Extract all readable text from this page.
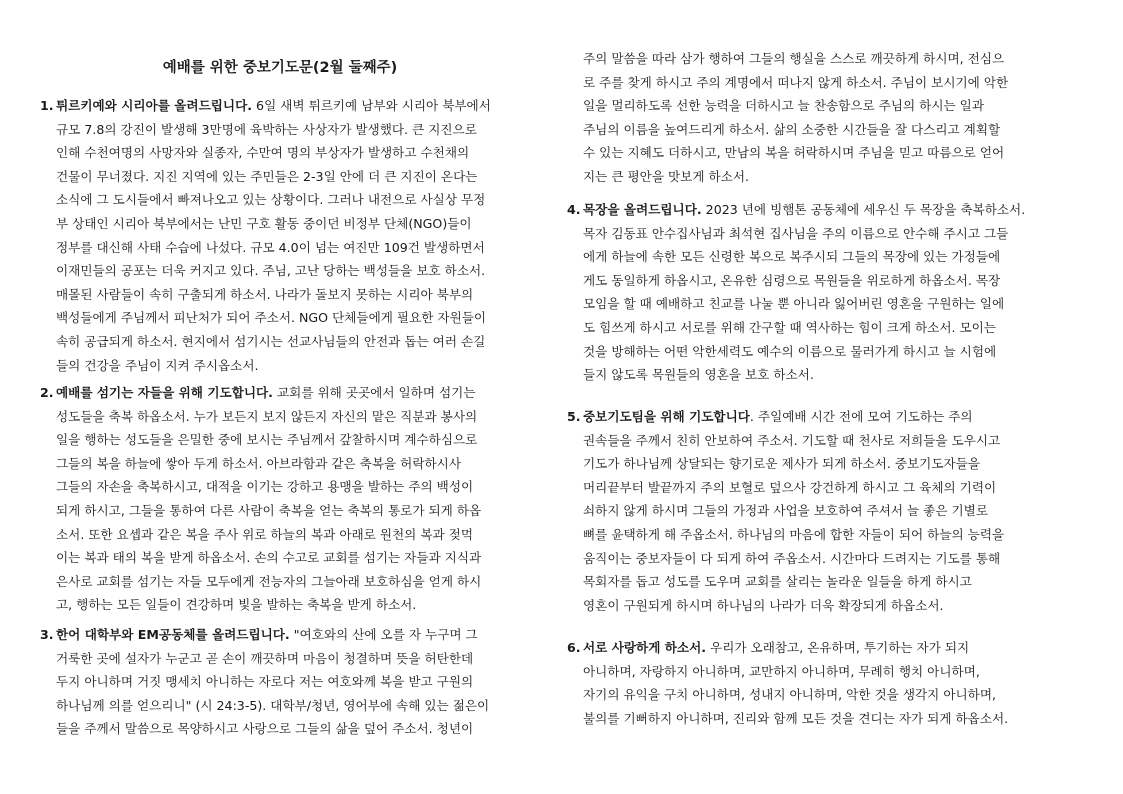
예배를 위한 중보기도문(2월 둘째주)
1. 튀르키예와 시리아를 올려드립니다. 6일 새벽 튀르키예 남부와 시리아 북부에서
규모 7.8의 강진이 발생해 3만명에 육박하는 사상자가 발생했다. 큰 지진으로
인해 수천여명의 사망자와 실종자, 수만여 명의 부상자가 발생하고 수천채의
건물이 무너졌다. 지진 지역에 있는 주민들은 2-3일 안에 더 큰 지진이 온다는
소식에 그 도시들에서 빠져나오고 있는 상황이다. 그러나 내전으로 사실상 무정
부 상태인 시리아 북부에서는 난민 구호 활동 중이던 비정부 단체(NGO)들이
정부를 대신해 사태 수습에 나섰다. 규모 4.0이 넘는 여진만 109건 발생하면서
이재민들의 공포는 더욱 커지고 있다. 주님, 고난 당하는 백성들을 보호 하소서.
매몰된 사람들이 속히 구출되게 하소서. 나라가 돌보지 못하는 시리아 북부의
백성들에게 주님께서 피난처가 되어 주소서. NGO 단체들에게 필요한 자원들이
속히 공급되게 하소서. 현지에서 섬기시는 선교사님들의 안전과 돕는 여러 손길
들의 건강을 주님이 지켜 주시옵소서.
2. 예배를 섬기는 자들을 위해 기도합니다. 교회를 위해 곳곳에서 일하며 섬기는
성도들을 축복 하옵소서. 누가 보든지 보지 않든지 자신의 맡은 직분과 봉사의
일을 행하는 성도들을 은밀한 중에 보시는 주님께서 갚찰하시며 계수하심으로
그들의 복을 하늘에 쌓아 두게 하소서. 아브라함과 같은 축복을 허락하시사
그들의 자손을 축복하시고, 대적을 이기는 강하고 용맹을 발하는 주의 백성이
되게 하시고, 그들을 통하여 다른 사람이 축복을 얻는 축복의 통로가 되게 하옵
소서. 또한 요셉과 같은 복을 주사 위로 하늘의 복과 아래로 원천의 복과 젖먹
이는 복과 태의 복을 받게 하옵소서. 손의 수고로 교회를 섬기는 자들과 지식과
은사로 교회를 섬기는 자들 모두에게 전능자의 그늘아래 보호하심을 얻게 하시
고, 행하는 모든 일들이 견강하며 빛을 발하는 축복을 받게 하소서.
3. 한어 대학부와 EM공동체를 올려드립니다. "여호와의 산에 오를 자 누구며 그
거룩한 곳에 설자가 누군고 곧 손이 깨끗하며 마음이 청결하며 뜻을 허탄한데
두지 아니하며 거짓 맹세치 아니하는 자로다 저는 여호와께 복을 받고 구원의
하나님께 의를 얻으리니" (시 24:3-5). 대학부/청년, 영어부에 속해 있는 젊은이
들을 주께서 말씀으로 목양하시고 사랑으로 그들의 삶을 덮어 주소서. 청년이
주의 말씀을 따라 삼가 행하여 그들의 행실을 스스로 깨끗하게 하시며, 전심으
로 주를 찾게 하시고 주의 계명에서 떠나지 않게 하소서. 주님이 보시기에 악한
일을 멀리하도록 선한 능력을 더하시고 늘 찬송함으로 주님의 하시는 일과
주님의 이름을 높여드리게 하소서. 삶의 소중한 시간들을 잘 다스리고 계획할
수 있는 지혜도 더하시고, 만남의 복을 허락하시며 주님을 믿고 따름으로 얻어
지는 큰 평안을 맛보게 하소서.
4. 목장을 올려드립니다. 2023 년에 빙햄톤 공동체에 세우신 두 목장을 축복하소서.
목자 김동표 안수집사님과 최석현 집사님을 주의 이름으로 안수해 주시고 그들
에게 하늘에 속한 모든 신령한 복으로 복주시되 그들의 목장에 있는 가정들에
게도 동일하게 하옵시고, 온유한 심령으로 목원들을 위로하게 하옵소서. 목장
모임을 할 때 예배하고 친교를 나눌 뿐 아니라 잃어버린 영혼을 구원하는 일에
도 힘쓰게 하시고 서로를 위해 간구할 때 역사하는 힘이 크게 하소서. 모이는
것을 방해하는 어떤 악한세력도 예수의 이름으로 물러가게 하시고 늘 시험에
들지 않도록 목원들의 영혼을 보호 하소서.
5. 중보기도팀을 위해 기도합니다. 주일예배 시간 전에 모여 기도하는 주의
권속들을 주께서 친히 안보하여 주소서. 기도할 때 천사로 저희들을 도우시고
기도가 하나님께 상달되는 향기로운 제사가 되게 하소서. 중보기도자들을
머리끝부터 발끝까지 주의 보혈로 덮으사 강건하게 하시고 그 육체의 기력이
쇠하지 않게 하시며 그들의 가정과 사업을 보호하여 주셔서 늘 좋은 기별로
뼈를 윤택하게 해 주옵소서. 하나님의 마음에 합한 자들이 되어 하늘의 능력을
움직이는 중보자들이 다 되게 하여 주옵소서. 시간마다 드려지는 기도를 통해
목회자를 돕고 성도를 도우며 교회를 살리는 놀라운 일들을 하게 하시고
영혼이 구원되게 하시며 하나님의 나라가 더욱 확장되게 하옵소서.
6. 서로 사랑하게 하소서. 우리가 오래참고, 온유하며, 투기하는 자가 되지
아니하며, 자랑하지 아니하며, 교만하지 아니하며, 무례히 행치 아니하며,
자기의 유익을 구치 아니하며, 성내지 아니하며, 악한 것을 생각지 아니하며,
불의를 기뻐하지 아니하며, 진리와 함께 모든 것을 견디는 자가 되게 하옵소서.
